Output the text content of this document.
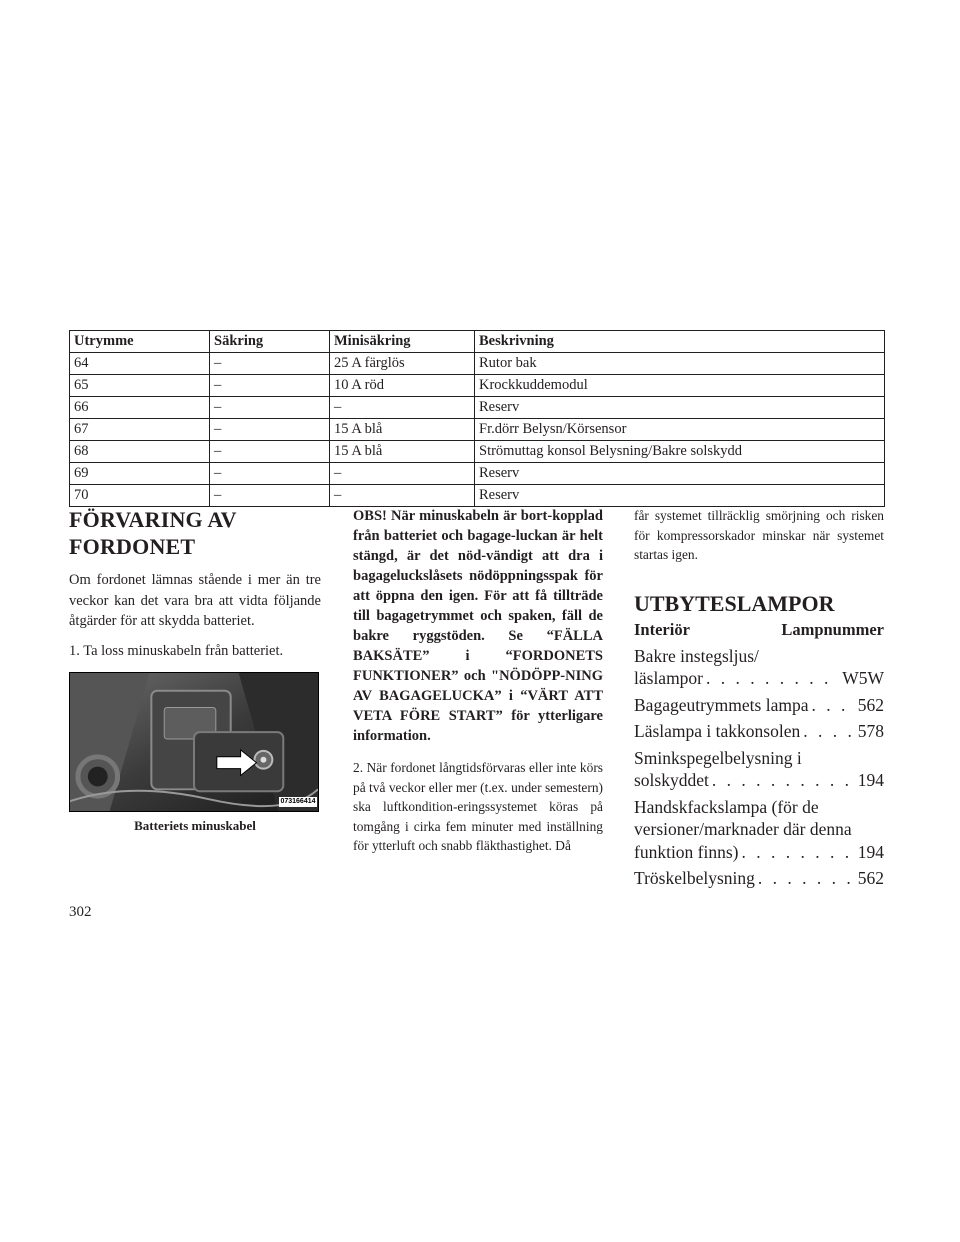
Utrymme	Säkring	Minisäkring	Beskrivning
64	–	25 A färglös	Rutor bak
65	–	10 A röd	Krockkuddemodul
66	–	–	Reserv
67	–	15 A blå	Fr.dörr Belysn/Körsensor
68	–	15 A blå	Strömuttag konsol Belysning/Bakre solskydd
69	–	–	Reserv
70	–	–	Reserv
FÖRVARING AV
FORDONET

Om fordonet lämnas stående i mer än tre veckor kan det vara bra att vidta följande åtgärder för att skydda batteriet.

1. Ta loss minuskabeln från batteriet.

073166414
Batteriets minuskabel

OBS! När minuskabeln är bort-kopplad från batteriet och bagage-luckan är helt stängd, är det nöd-vändigt att dra i bagageluckslåsets nödöppningsspak för att öppna den igen. För att få tillträde till bagagetrymmet och spaken, fäll de bakre ryggstöden. Se “FÄLLA BAKSÄTE” i “FORDONETS FUNKTIONER” och "NÖDÖPP-NING AV BAGAGELUCKA” i “VÄRT ATT VETA FÖRE START” för ytterligare information.

2. När fordonet långtidsförvaras eller inte körs på två veckor eller mer (t.ex. under semestern) ska luftkondition-eringssystemet köras på tomgång i cirka fem minuter med inställning för ytterluft och snabb fläkthastighet. Då

får systemet tillräcklig smörjning och risken för kompressorskador minskar när systemet startas igen.

UTBYTESLAMPOR
Interiör	Lampnummer
Bakre instegsljus/
läslampor . . .	W5W
Bagageutrymmets lampa . . .	562
Läslampa i takkonsolen . . .	578
Sminkspegelbelysning i
solskyddet . . .	194
Handskfackslampa (för de versioner/marknader där denna
funktion finns) . . .	194
Tröskelbelysning . . .	562
302
